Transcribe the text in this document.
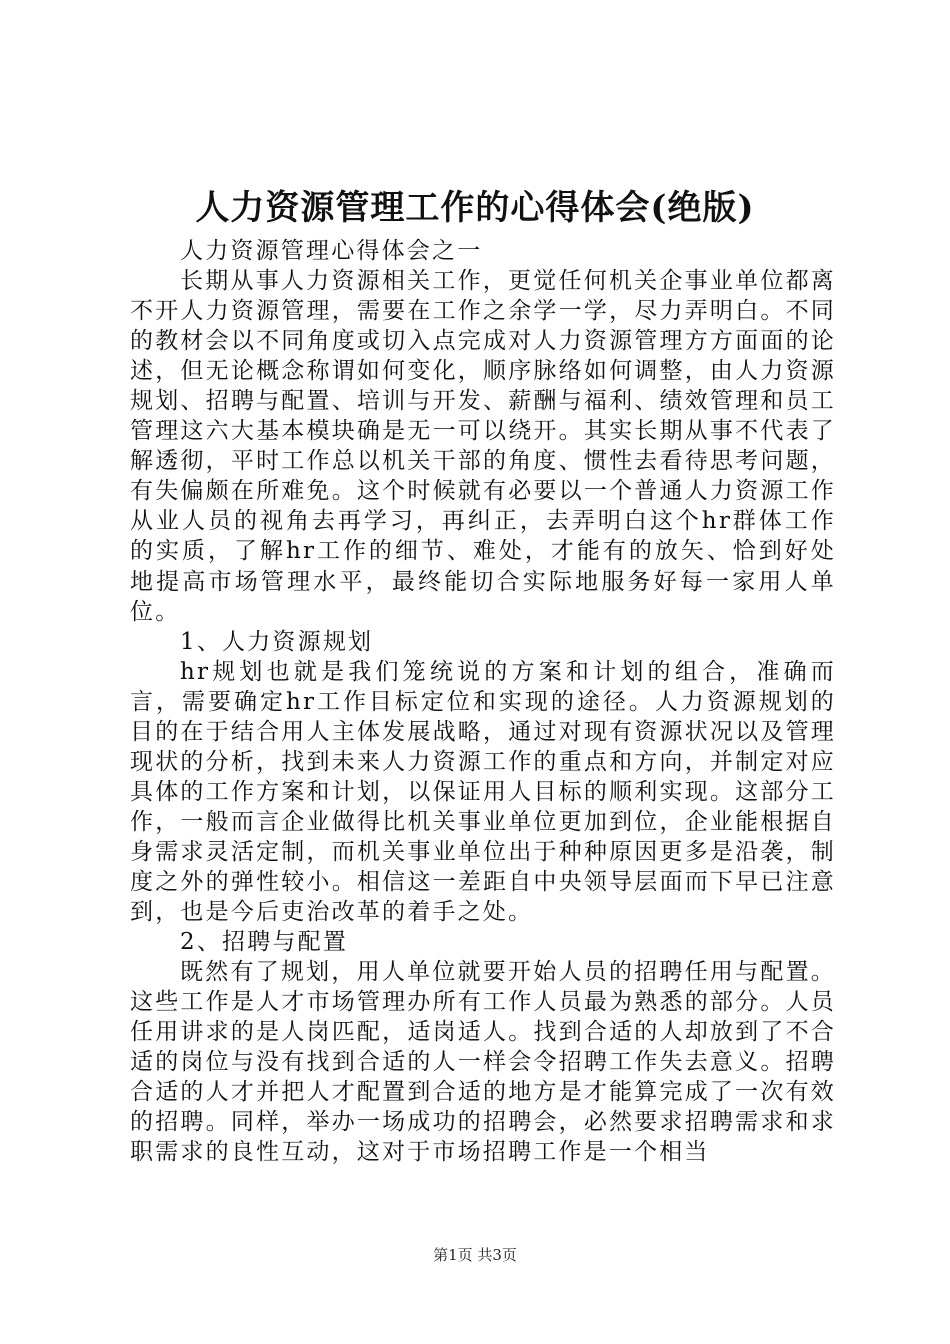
人力资源管理工作的心得体会(绝版)

人力资源管理心得体会之一

长期从事人力资源相关工作，更觉任何机关企事业单位都离不开人力资源管理，需要在工作之余学一学，尽力弄明白。不同的教材会以不同角度或切入点完成对人力资源管理方方面面的论述，但无论概念称谓如何变化，顺序脉络如何调整，由人力资源规划、招聘与配置、培训与开发、薪酬与福利、绩效管理和员工管理这六大基本模块确是无一可以绕开。其实长期从事不代表了解透彻，平时工作总以机关干部的角度、惯性去看待思考问题，有失偏颇在所难免。这个时候就有必要以一个普通人力资源工作从业人员的视角去再学习，再纠正，去弄明白这个hr群体工作的实质，了解hr工作的细节、难处，才能有的放矢、恰到好处地提高市场管理水平，最终能切合实际地服务好每一家用人单位。

1、人力资源规划

hr规划也就是我们笼统说的方案和计划的组合，准确而言，需要确定hr工作目标定位和实现的途径。人力资源规划的目的在于结合用人主体发展战略，通过对现有资源状况以及管理现状的分析，找到未来人力资源工作的重点和方向，并制定对应具体的工作方案和计划，以保证用人目标的顺利实现。这部分工作，一般而言企业做得比机关事业单位更加到位，企业能根据自身需求灵活定制，而机关事业单位出于种种原因更多是沿袭，制度之外的弹性较小。相信这一差距自中央领导层面而下早已注意到，也是今后吏治改革的着手之处。

2、招聘与配置

既然有了规划，用人单位就要开始人员的招聘任用与配置。这些工作是人才市场管理办所有工作人员最为熟悉的部分。人员任用讲求的是人岗匹配，适岗适人。找到合适的人却放到了不合适的岗位与没有找到合适的人一样会令招聘工作失去意义。招聘合适的人才并把人才配置到合适的地方是才能算完成了一次有效的招聘。同样，举办一场成功的招聘会，必然要求招聘需求和求职需求的良性互动，这对于市场招聘工作是一个相当

第1页 共3页
